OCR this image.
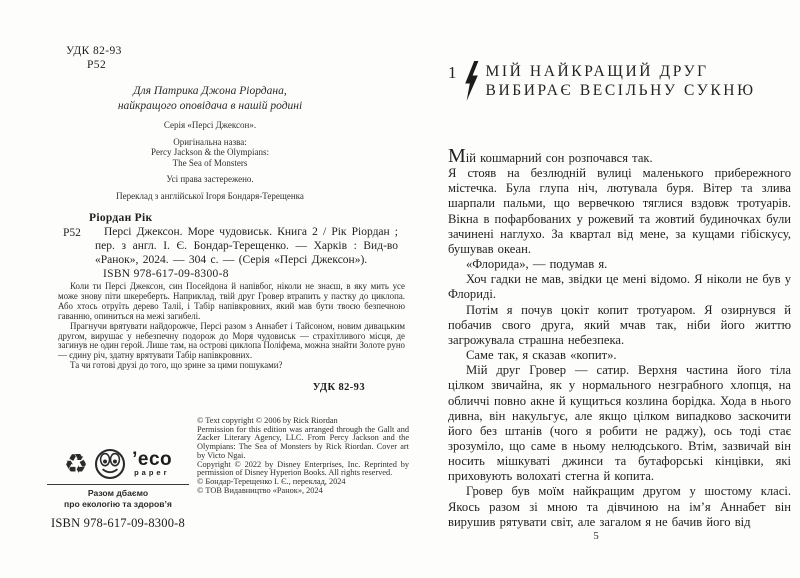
УДК 82-93
Р52
Для Патрика Джона Ріордана,
найкращого оповідача в нашій родині
Серія «Персі Джексон».
Оригінальна назва:
Percy Jackson & the Olympians:
The Sea of Monsters
Усі права застережено.
Переклад з англійської Ігоря Бондаря-Терещенка
Ріордан Рік
Р52	Персі Джексон. Море чудовиськ. Книга 2 / Рік Ріордан ; пер. з англ. І. Є. Бондар-Терещенко. — Харків : Вид-во «Ранок», 2024. — 304 с. — (Серія «Персі Джексон»).

ISBN 978-617-09-8300-8

Коли ти Персі Джексон, син Посейдона й напівбог, ніколи не знаєш, в яку мить усе може знову піти шкереберть. Наприклад, твій друг Гровер втрапить у пастку до циклопа. Або хтось отруїть дерево Талії, і Табір напівкровних, який мав бути твоєю безпечною гаванню, опиниться на межі загибелі.

Прагнучи врятувати найдорожче, Персі разом з Аннабет і Тайсоном, новим дивацьким другом, вирушає у небезпечну подорож до Моря чудовиськ — страхітливого місця, де загинув не один герой. Лише там, на острові циклопа Поліфема, можна знайти Золоте руно — єдину річ, здатну врятувати Табір напівкровних.

Та чи готові друзі до того, що зрине за цими пошуками?

УДК 82-93
♻ ’eco
paper
Разом дбаємо
про екологію та здоров’я
ISBN 978-617-09-8300-8

© Text copyright © 2006 by Rick Riordan

Permission for this edition was arranged through the Gallt and Zacker Literary Agency, LLC. From Percy Jackson and the Olympians: The Sea of Monsters by Rick Riordan. Cover art by Victo Ngai.

Copyright © 2022 by Disney Enterprises, Inc. Reprinted by permission of Disney Hyperion Books. All rights reserved.

© Бондар-Терещенко І. Є., переклад, 2024

© ТОВ Видавництво «Ранок», 2024

1 МІЙ НАЙКРАЩИЙ ДРУГ
ВИБИРАЄ ВЕСІЛЬНУ СУКНЮ

Мій кошмарний сон розпочався так.

Я стояв на безлюдній вулиці маленького прибережного містечка. Була глупа ніч, лютувала буря. Вітер та злива шарпали пальми, що вервечкою тяглися вздовж тротуарів. Вікна в пофарбованих у рожевий та жовтий будиночках були зачинені наглухо. За квартал від мене, за кущами гібіскусу, бушував океан.

«Флорида», — подумав я.

Хоч гадки не мав, звідки це мені відомо. Я ніколи не був у Флориді.

Потім я почув цокіт копит тротуаром. Я озирнувся й побачив свого друга, який мчав так, ніби його життю загрожувала страшна небезпека.

Саме так, я сказав «копит».

Мій друг Гровер — сатир. Верхня частина його тіла цілком звичайна, як у нормального незграбного хлопця, на обличчі повно акне й кущиться козлина борідка. Хода в нього дивна, він накульгує, але якщо цілком випадково заскочити його без штанів (чого я робити не раджу), ось тоді стає зрозуміло, що саме в ньому нелюдського. Втім, зазвичай він носить мішкуваті джинси та бутафорські кінцівки, які приховують волохаті стегна й копита.

Гровер був моїм найкращим другом у шостому класі. Якось разом зі мною та дівчиною на ім’я Аннабет він вирушив рятувати світ, але загалом я не бачив його від

5
